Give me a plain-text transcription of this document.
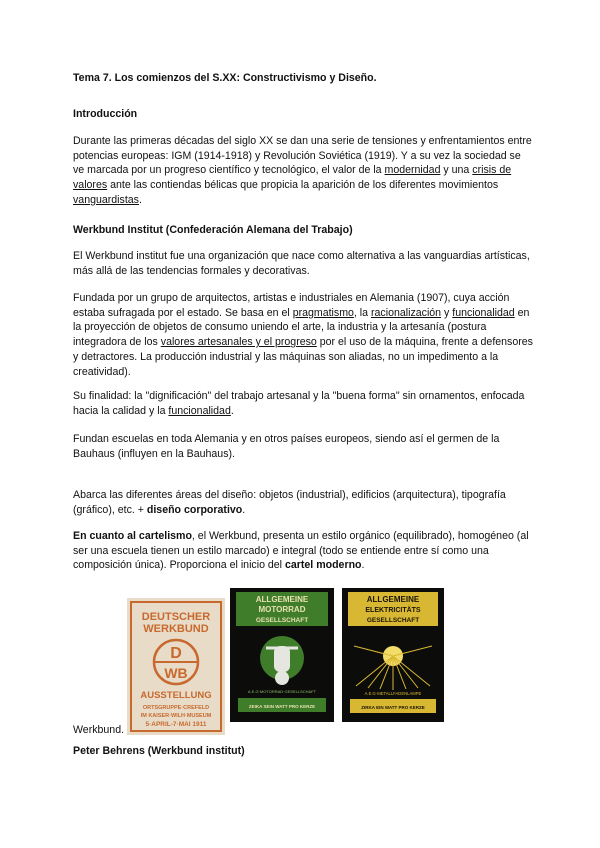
Tema 7. Los comienzos del S.XX: Constructivismo y Diseño.
Introducción
Durante las primeras décadas del siglo XX se dan una serie de tensiones y enfrentamientos entre potencias europeas: IGM (1914-1918) y Revolución Soviética (1919). Y a su vez la sociedad se ve marcada por un progreso científico y tecnológico, el valor de la modernidad y una crisis de valores ante las contiendas bélicas que propicia la aparición de los diferentes movimientos vanguardistas.
Werkbund Institut (Confederación Alemana del Trabajo)
El Werkbund institut fue una organización que nace como alternativa a las vanguardias artísticas, más allá de las tendencias formales y decorativas.
Fundada por un grupo de arquitectos, artistas e industriales en Alemania (1907), cuya acción estaba sufragada por el estado. Se basa en el pragmatismo, la racionalización y funcionalidad en la proyección de objetos de consumo uniendo el arte, la industria y la artesanía (postura integradora de los valores artesanales y el progreso por el uso de la máquina, frente a defensores y detractores. La producción industrial y las máquinas son aliadas, no un impedimento a la creatividad).
Su finalidad: la "dignificación" del trabajo artesanal y la "buena forma" sin ornamentos, enfocada hacia la calidad y la funcionalidad.
Fundan escuelas en toda Alemania y en otros países europeos, siendo así el germen de la Bauhaus (influyen en la Bauhaus).
Abarca las diferentes áreas del diseño: objetos (industrial), edificios (arquitectura), tipografía (gráfico), etc. + diseño corporativo.
En cuanto al cartelismo, el Werkbund, presenta un estilo orgánico (equilibrado), homogéneo (al ser una escuela tienen un estilo marcado) e integral (todo se entiende entre sí como una composición única). Proporciona el inicio del cartel moderno.
Werkbund.
DEUTSCHER
WERKBUND
D
WB
AUSSTELLUNG
ORTSGRUPPE·CREFELD
IM KAISER·WILH·MUSEUM
5·APRIL-7·MAI 1911
ALLGEMEINE
MOTORRAD
GESELLSCHAFT
A.E.G·MOTORRAD·GESELLSCHAFT
ZEIKA SEIN WATT PRO KERZE
ALLGEMEINE
ELEKTRICITÄTS
GESELLSCHAFT
A.E.G·METALLFADENLAMPE
ZIRKA EIN WATT PRO KERZE
Peter Behrens (Werkbund institut)
